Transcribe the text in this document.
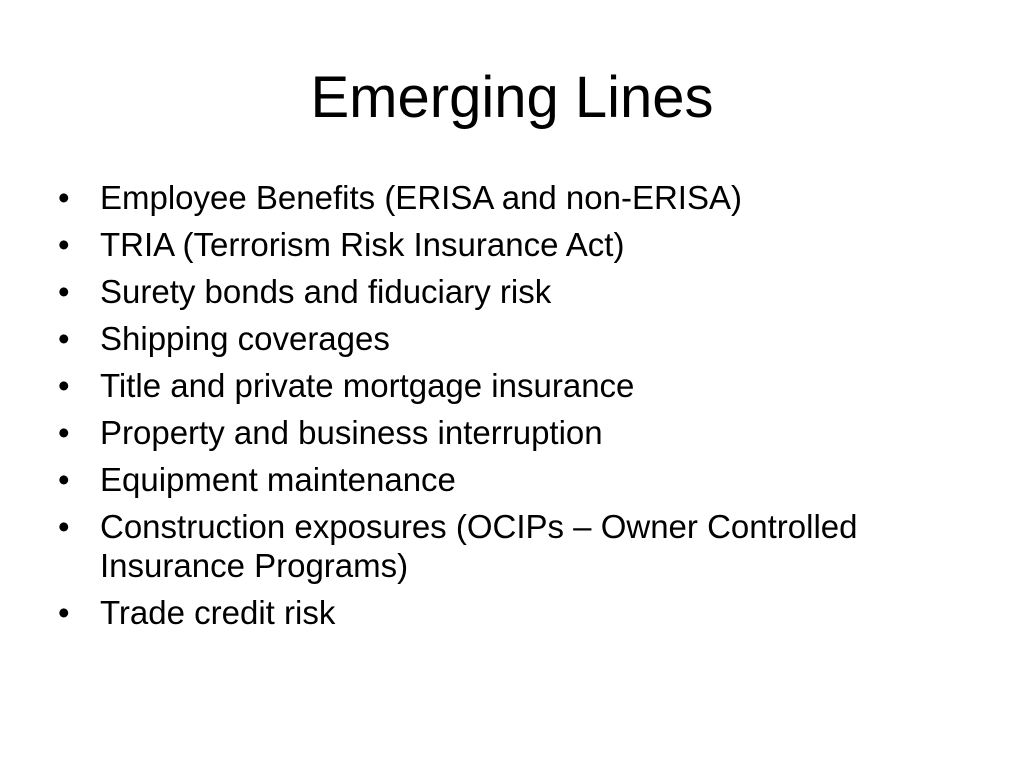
Emerging Lines
• Employee Benefits (ERISA and non-ERISA)
• TRIA (Terrorism Risk Insurance Act)
• Surety bonds and fiduciary risk
• Shipping coverages
• Title and private mortgage insurance
• Property and business interruption
• Equipment maintenance
• Construction exposures (OCIPs – Owner Controlled Insurance Programs)
• Trade credit risk
